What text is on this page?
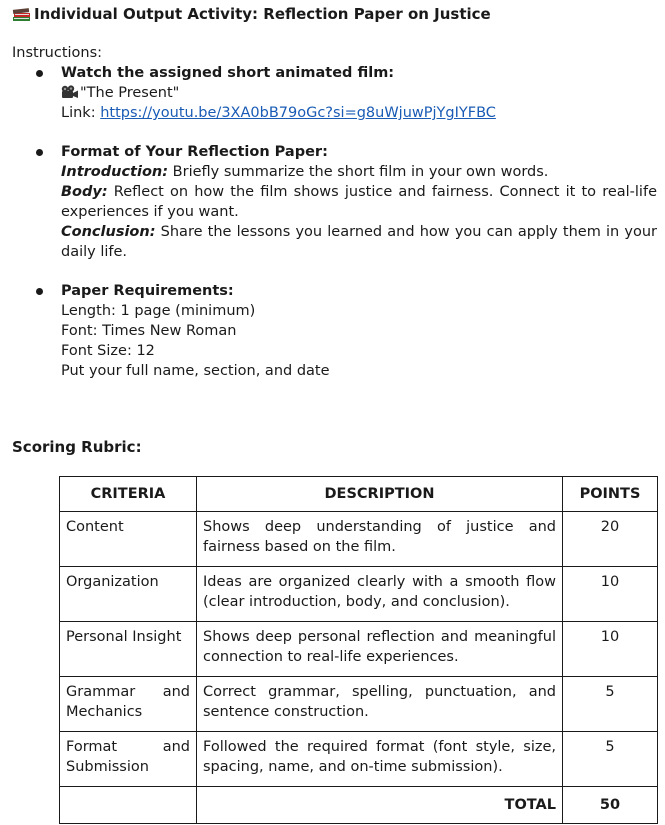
Individual Output Activity: Reflection Paper on Justice
Instructions:
Watch the assigned short animated film:
"The Present"
Link: https://youtu.be/3XA0bB79oGc?si=g8uWjuwPjYgIYFBC
Format of Your Reflection Paper:
Introduction: Briefly summarize the short film in your own words.
Body: Reflect on how the film shows justice and fairness. Connect it to real-life experiences if you want.
Conclusion: Share the lessons you learned and how you can apply them in your daily life.
Paper Requirements:
Length: 1 page (minimum)
Font: Times New Roman
Font Size: 12
Put your full name, section, and date
Scoring Rubric:
CRITERIA	DESCRIPTION	POINTS

Content	Shows deep understanding of justice and fairness based on the film.	20

Organization	Ideas are organized clearly with a smooth flow (clear introduction, body, and conclusion).	10

Personal Insight	Shows deep personal reflection and meaningful connection to real-life experiences.	10

Grammar and
Mechanics	Correct grammar, spelling, punctuation, and sentence construction.	5

Format and
Submission	Followed the required format (font style, size, spacing, name, and on-time submission).	5
	TOTAL	50
